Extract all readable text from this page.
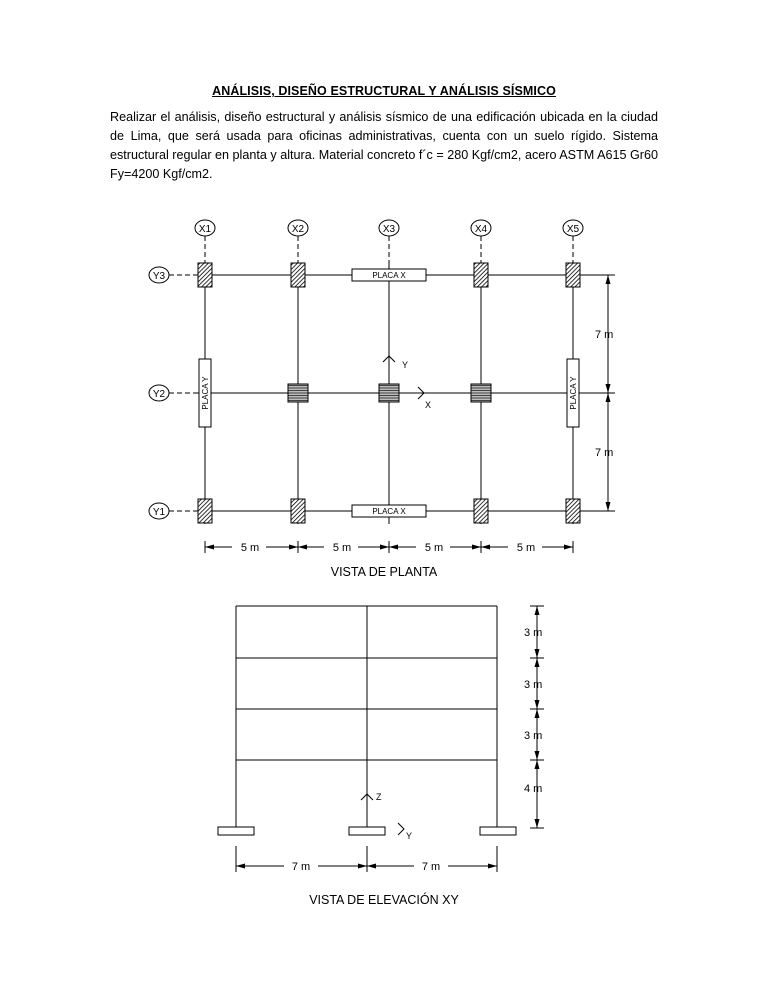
ANÁLISIS, DISEÑO ESTRUCTURAL Y ANÁLISIS SÍSMICO
Realizar el análisis, diseño estructural y análisis sísmico de una edificación ubicada en la ciudad de Lima, que será usada para oficinas administrativas, cuenta con un suelo rígido. Sistema estructural regular en planta y altura. Material concreto f´c = 280 Kgf/cm2, acero ASTM A615 Gr60 Fy=4200 Kgf/cm2.
X1	X2	X3	X4	X5
Y3
Y2
Y1
PLACA X
PLACA X
PLACA Y	PLACA Y
Y
X
5 m	5 m	5 m	5 m
7 m
7 m
Z
Y
3 m
3 m
3 m
4 m
7 m	7 m
VISTA DE PLANTA
VISTA DE ELEVACIÓN XY
